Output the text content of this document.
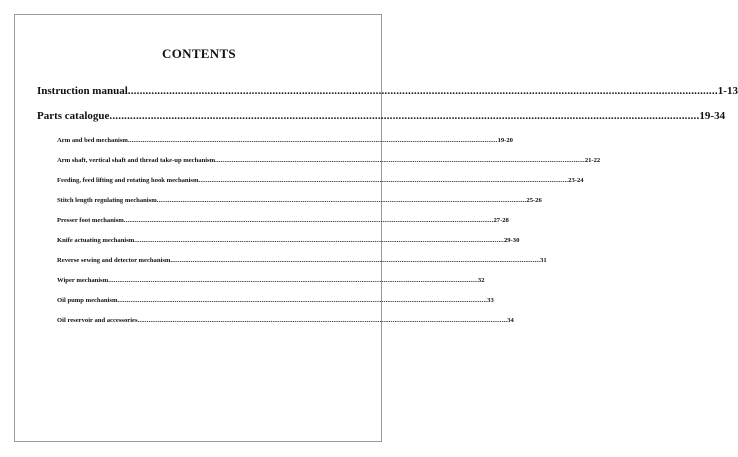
CONTENTS
Instruction manual ........................................................................................................................................................................................................ 1-13
Parts catalogue ........................................................................................................................................................................................................ 19-34
Arm and bed mechanism ........................................................................................................................................................................................................ 19-20
Arm shaft, vertical shaft and thread take-up mechanism ........................................................................................................................................................................................................ 21-22
Feeding, feed lifting and rotating hook mechanism ........................................................................................................................................................................................................ 23-24
Stitch length regulating mechanism ........................................................................................................................................................................................................ 25-26
Presser foot mechanism ........................................................................................................................................................................................................ 27-28
Knife actuating mechanism ........................................................................................................................................................................................................ 29-30
Reverse sewing and detector mechanism ........................................................................................................................................................................................................ 31
Wiper mechanism ........................................................................................................................................................................................................ 32
Oil pump mechanism ........................................................................................................................................................................................................ 33
Oil reservoir and accessories ........................................................................................................................................................................................................ 34
